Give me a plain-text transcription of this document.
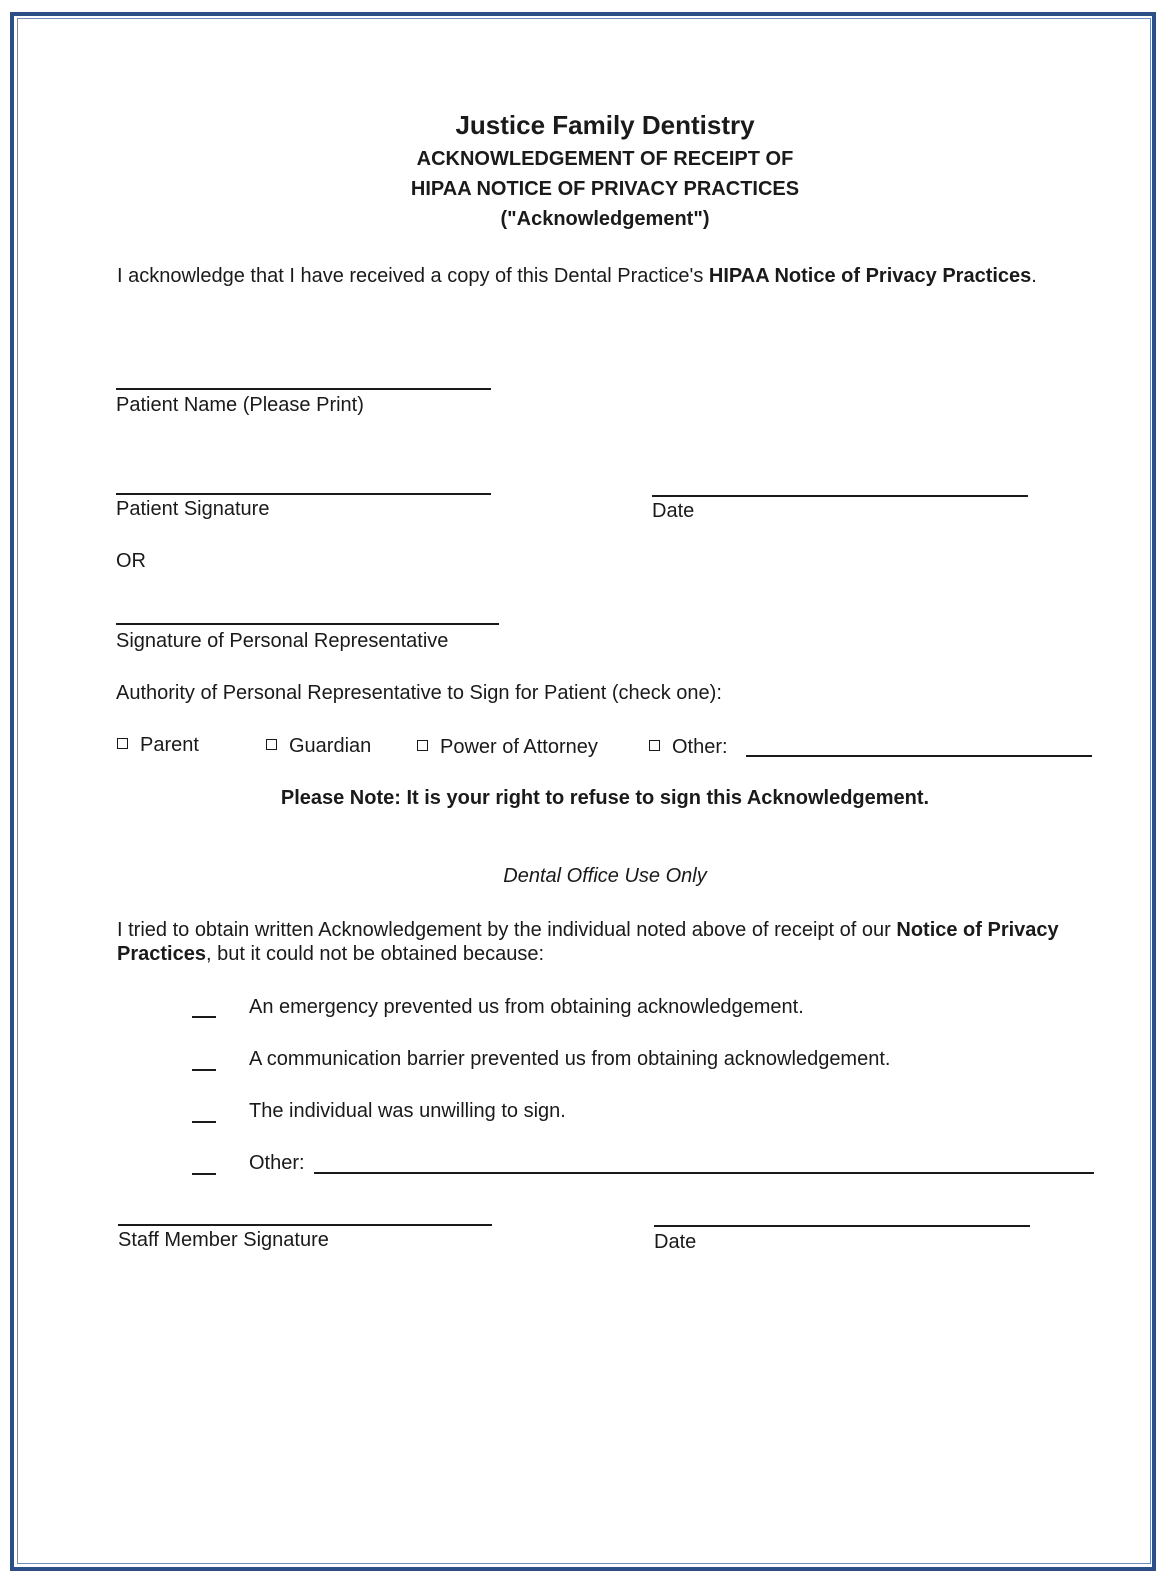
Justice Family Dentistry
ACKNOWLEDGEMENT OF RECEIPT OF
HIPAA NOTICE OF PRIVACY PRACTICES
("Acknowledgement")
I acknowledge that I have received a copy of this Dental Practice's HIPAA Notice of Privacy Practices.
Patient Name (Please Print)
Patient Signature	Date
OR
Signature of Personal Representative
Authority of Personal Representative to Sign for Patient (check one):
Parent	Guardian	Power of Attorney	Other:
Please Note: It is your right to refuse to sign this Acknowledgement.
Dental Office Use Only
I tried to obtain written Acknowledgement by the individual noted above of receipt of our Notice of Privacy Practices, but it could not be obtained because:
An emergency prevented us from obtaining acknowledgement.
A communication barrier prevented us from obtaining acknowledgement.
The individual was unwilling to sign.
Other:
Staff Member Signature	Date
